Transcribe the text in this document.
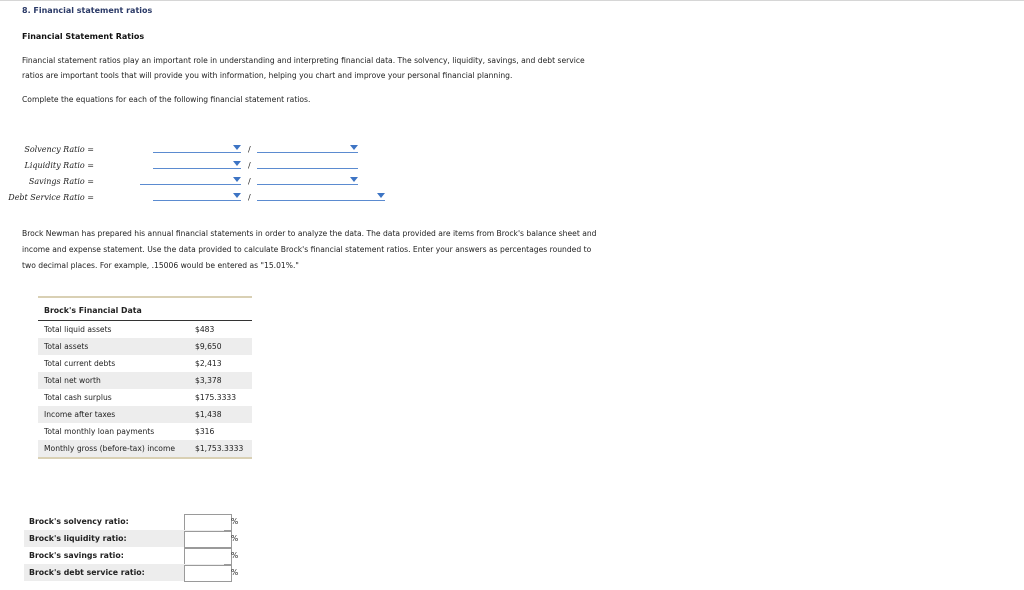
8. Financial statement ratios
Financial Statement Ratios
Financial statement ratios play an important role in understanding and interpreting financial data. The solvency, liquidity, savings, and debt service
ratios are important tools that will provide you with information, helping you chart and improve your personal financial planning.
Complete the equations for each of the following financial statement ratios.
Solvency Ratio =	/
Liquidity Ratio =	/
Savings Ratio =	/
Debt Service Ratio =	/
Brock Newman has prepared his annual financial statements in order to analyze the data. The data provided are items from Brock's balance sheet and
income and expense statement. Use the data provided to calculate Brock's financial statement ratios. Enter your answers as percentages rounded to
two decimal places. For example, .15006 would be entered as "15.01%."
Brock's Financial Data
Total liquid assets	$483
Total assets	$9,650
Total current debts	$2,413
Total net worth	$3,378
Total cash surplus	$175.3333
Income after taxes	$1,438
Total monthly loan payments	$316
Monthly gross (before-tax) income	$1,753.3333
Brock's solvency ratio:	%
Brock's liquidity ratio:	%
Brock's savings ratio:	%
Brock's debt service ratio:	%
